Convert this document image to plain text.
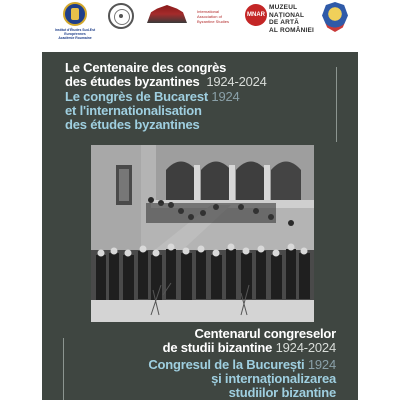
Institut d'Études Sud-Est Européennes
Académie Roumaine
International Association of Byzantine Studies
MNAR
MUZEUL
NAȚIONAL
DE ARTĂ
AL ROMÂNIEI
Le Centenaire des congrès
des études byzantines 1924-2024
Le congrès de Bucarest 1924
et l'internationalisation
des études byzantines
Centenarul congreselor
de studii bizantine 1924-2024
Congresul de la București 1924
și internaționalizarea
studiilor bizantine
